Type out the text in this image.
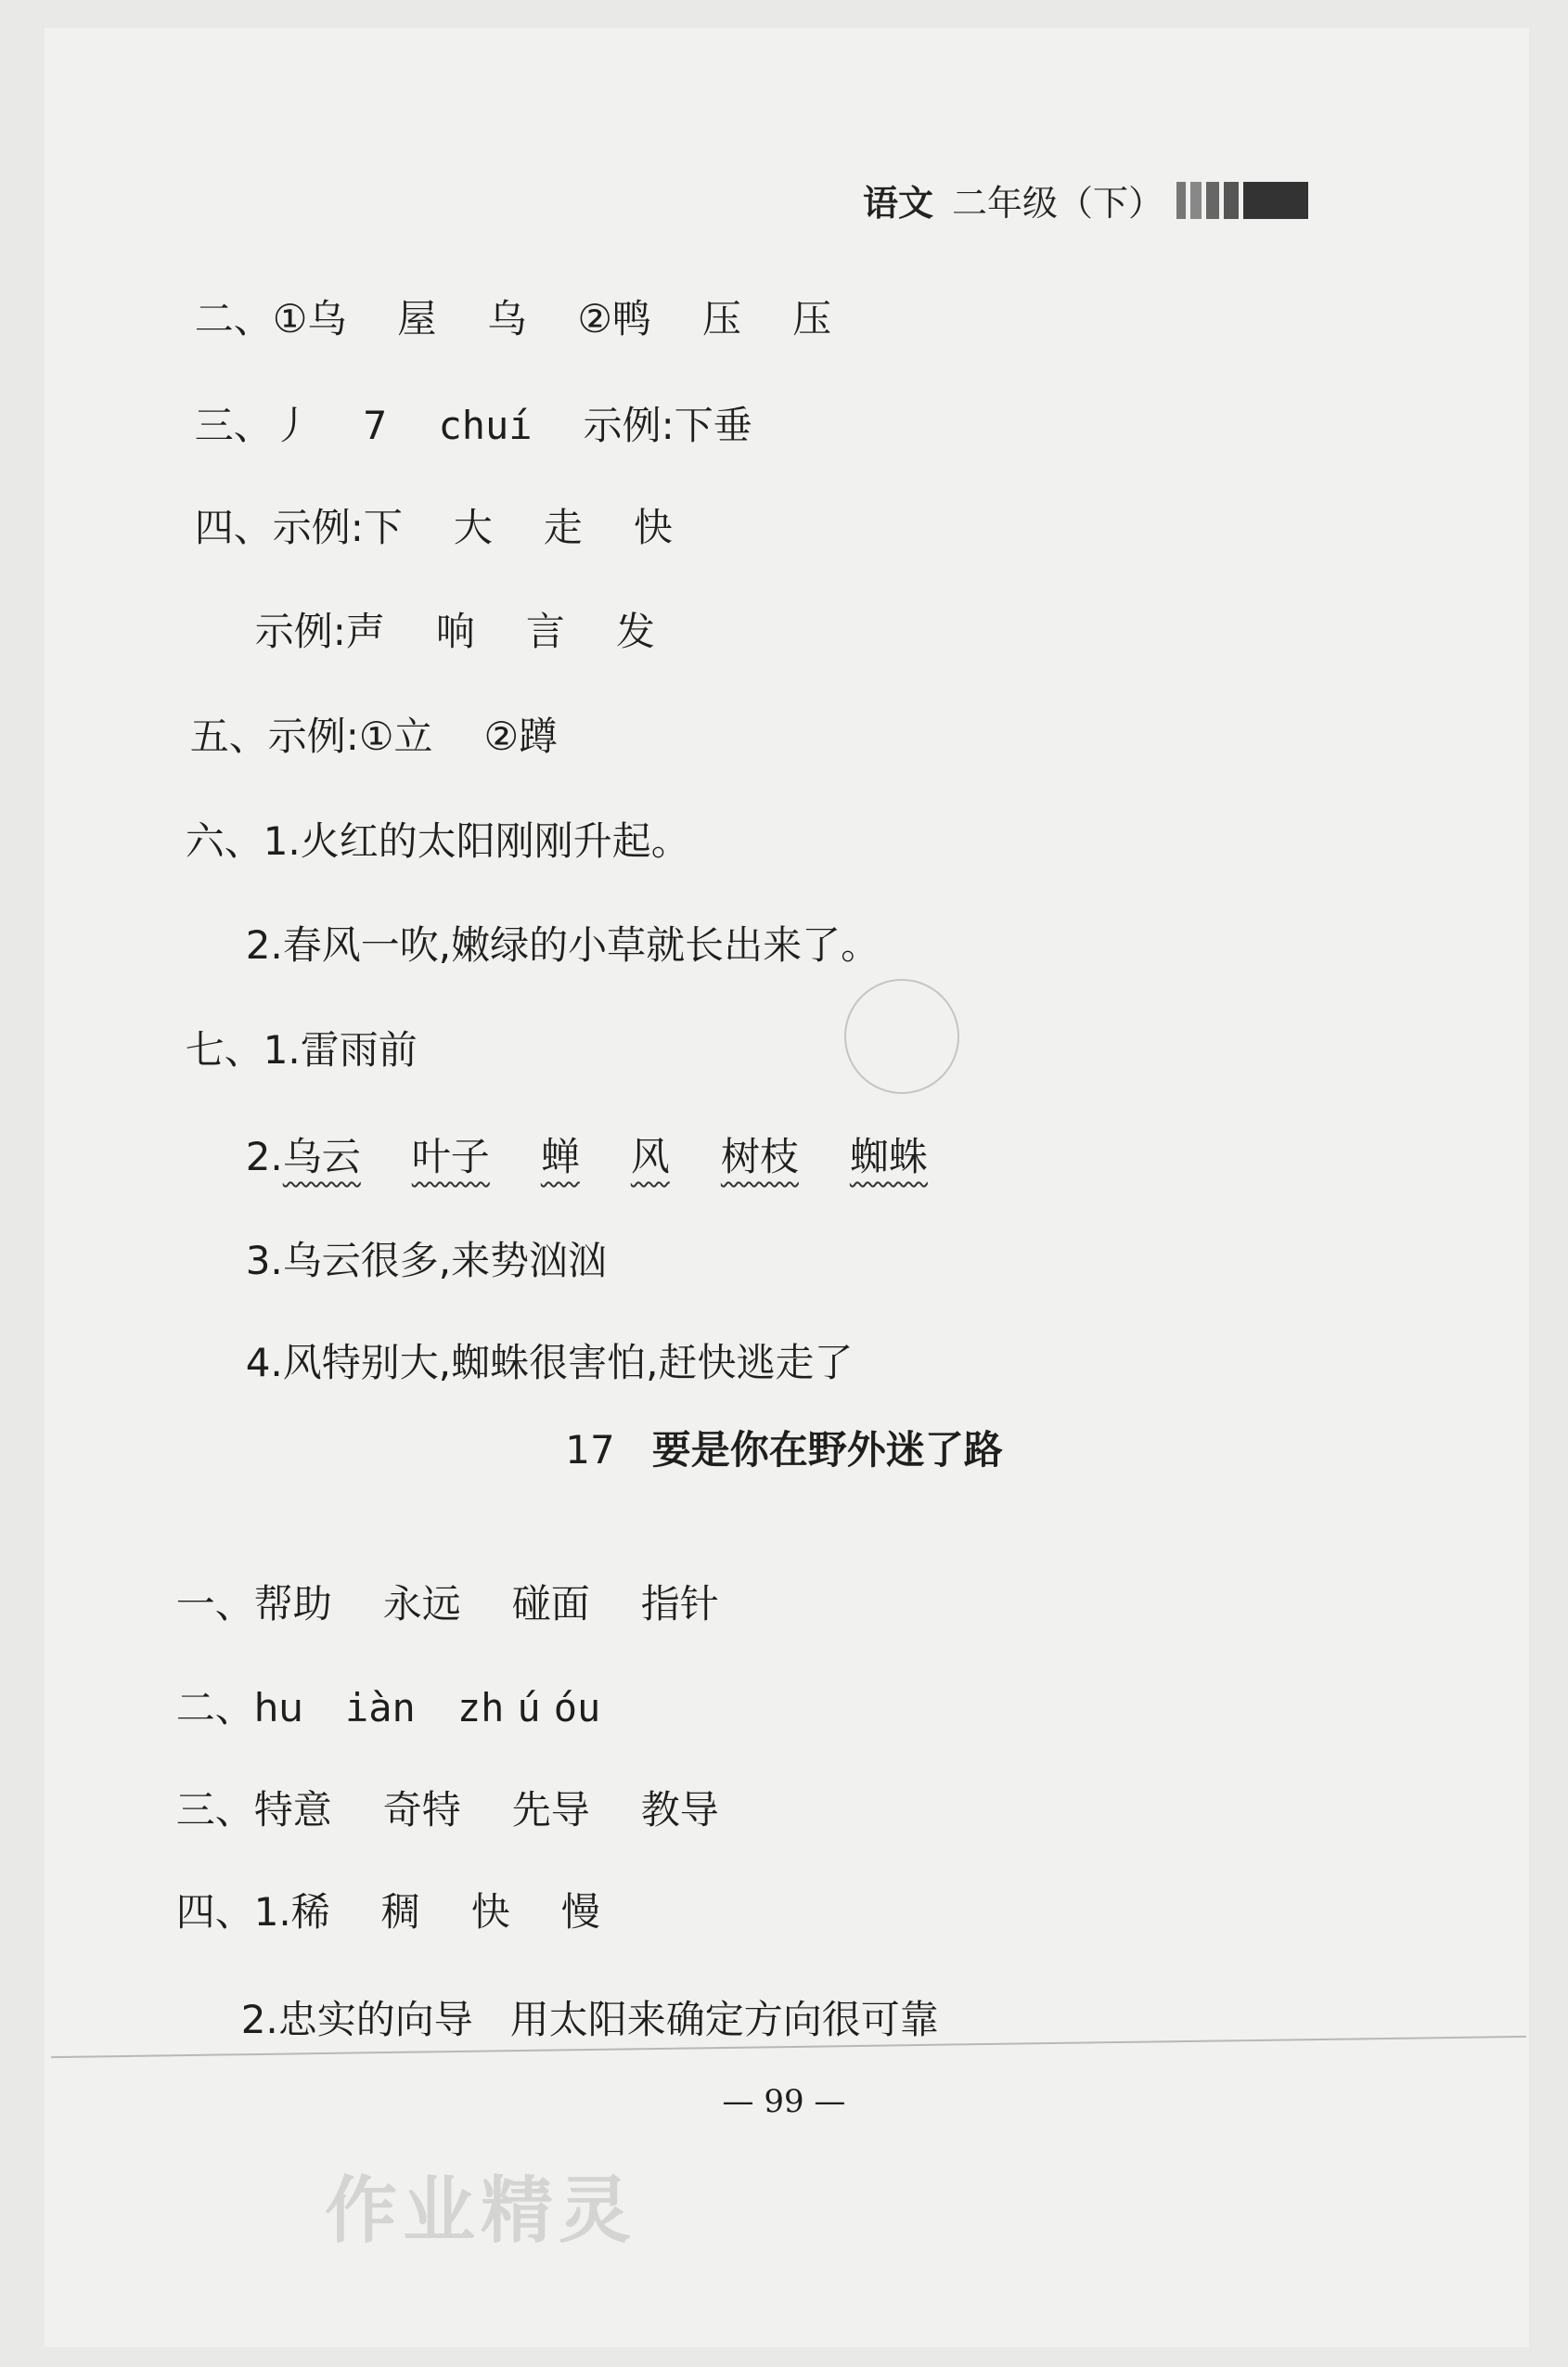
语文 二年级（下）

二、①乌 屋 乌 ②鸭 压 压

三、丿 7 chuí 示例:下垂

四、示例:下 大 走 快

示例:声 响 言 发

五、示例:①立 ②蹲

六、1.火红的太阳刚刚升起。

2.春风一吹,嫩绿的小草就长出来了。

七、1.雷雨前

2.乌云 叶子 蝉 风 树枝 蜘蛛

3.乌云很多,来势汹汹

4.风特别大,蜘蛛很害怕,赶快逃走了

17 要是你在野外迷了路

一、帮助 永远 碰面 指针

二、hu iàn zh ú óu

三、特意 奇特 先导 教导

四、1.稀 稠 快 慢

2.忠实的向导 用太阳来确定方向很可靠

— 99 —
作业精灵
